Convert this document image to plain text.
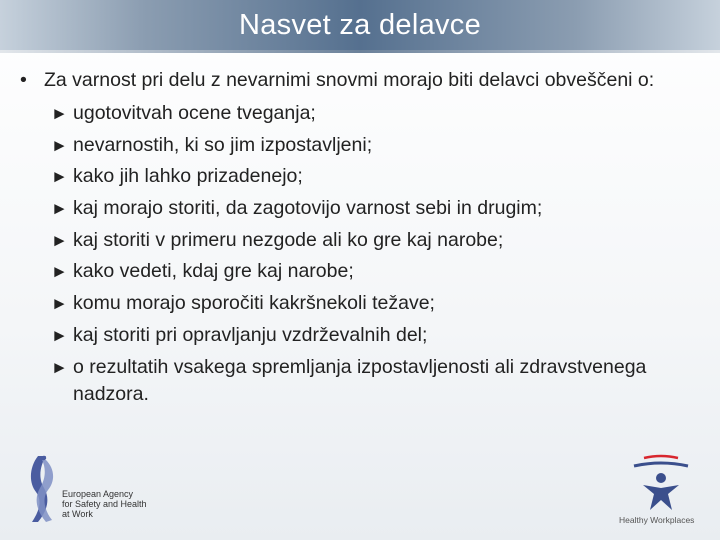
Nasvet za delavce
• Za varnost pri delu z nevarnimi snovmi morajo biti delavci obveščeni o:
► ugotovitvah ocene tveganja;
► nevarnostih, ki so jim izpostavljeni;
► kako jih lahko prizadenejo;
► kaj morajo storiti, da zagotovijo varnost sebi in drugim;
► kaj storiti v primeru nezgode ali ko gre kaj narobe;
► kako vedeti, kdaj gre kaj narobe;
► komu morajo sporočiti kakršnekoli težave;
► kaj storiti pri opravljanju vzdrževalnih del;
► o rezultatih vsakega spremljanja izpostavljenosti ali zdravstvenega nadzora.
European Agency
for Safety and Health
at Work
Healthy Workplaces
